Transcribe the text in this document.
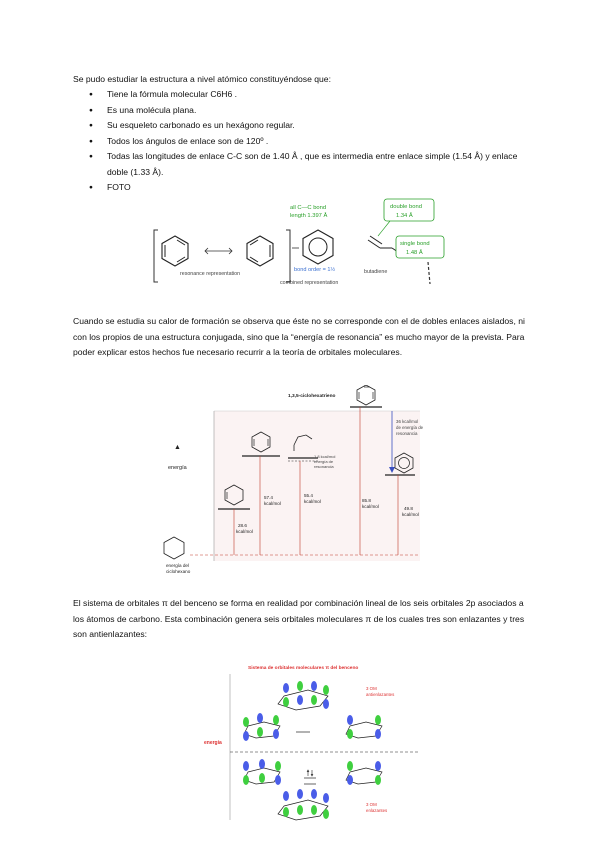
Se pudo estudiar la estructura a nivel atómico constituyéndose que:
● Tiene la fórmula molecular C6H6 .
● Es una molécula plana.
● Su esqueleto carbonado es un hexágono regular.
● Todos los ángulos de enlace son de 120º .
● Todas las longitudes de enlace C-C son de 1.40 Å , que es intermedia entre enlace simple (1.54 Å) y enlace doble (1.33 Å).
● FOTO
resonance representation
all C—C bond
length 1.397 Å
bond order = 1½
combined representation
butadiene
double bond
1.34 Å
single bond
1.48 Å
Cuando se estudia su calor de formación se observa que éste no se corresponde con el de dobles enlaces aislados, ni con los propios de una estructura conjugada, sino que la “energía de resonancia” es mucho mayor de la prevista. Para poder explicar estos hechos fue necesario recurrir a la teoría de orbitales moleculares.
energía
▲
energía del
ciclohexano
28.6
kcal/mol
57.4
kcal/mol
1.8 kcal/mol
energía de
resonancia
55.4
kcal/mol
1,3,5-ciclohexatrieno
85.8
kcal/mol
36 kcal/mol
de energía de
resonancia
49.8
kcal/mol
El sistema de orbitales π del benceno se forma en realidad por combinación lineal de los seis orbitales 2p asociados a los átomos de carbono. Esta combinación genera seis orbitales moleculares π de los cuales tres son enlazantes y tres son antienlazantes:
Sistema de orbitales moleculares π del benceno
energía
3 OM
antienlazantes
3 OM
enlazantes
